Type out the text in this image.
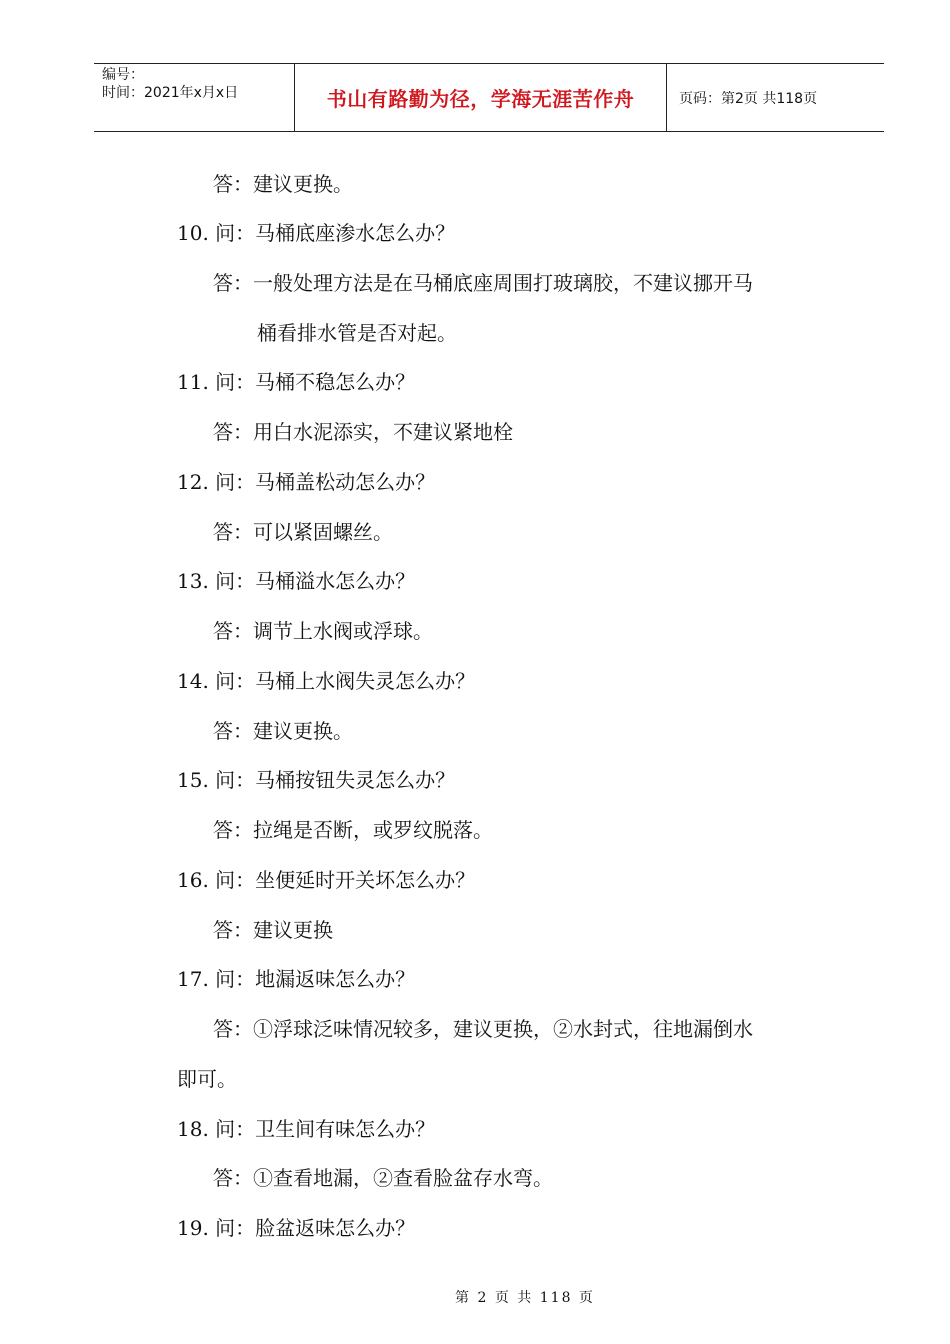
编号：
时间：2021年x月x日	书山有路勤为径，学海无涯苦作舟	页码：第2页 共118页
答：建议更换。
10. 问：马桶底座渗水怎么办？
答：一般处理方法是在马桶底座周围打玻璃胶，不建议挪开马
桶看排水管是否对起。
11. 问：马桶不稳怎么办？
答：用白水泥添实，不建议紧地栓
12. 问：马桶盖松动怎么办？
答：可以紧固螺丝。
13. 问：马桶溢水怎么办？
答：调节上水阀或浮球。
14. 问：马桶上水阀失灵怎么办？
答：建议更换。
15. 问：马桶按钮失灵怎么办？
答：拉绳是否断，或罗纹脱落。
16. 问：坐便延时开关坏怎么办？
答：建议更换
17. 问：地漏返味怎么办？
答：①浮球泛味情况较多，建议更换，②水封式，往地漏倒水
即可。
18. 问：卫生间有味怎么办？
答：①查看地漏，②查看脸盆存水弯。
19. 问：脸盆返味怎么办？
第 2 页 共 118 页
